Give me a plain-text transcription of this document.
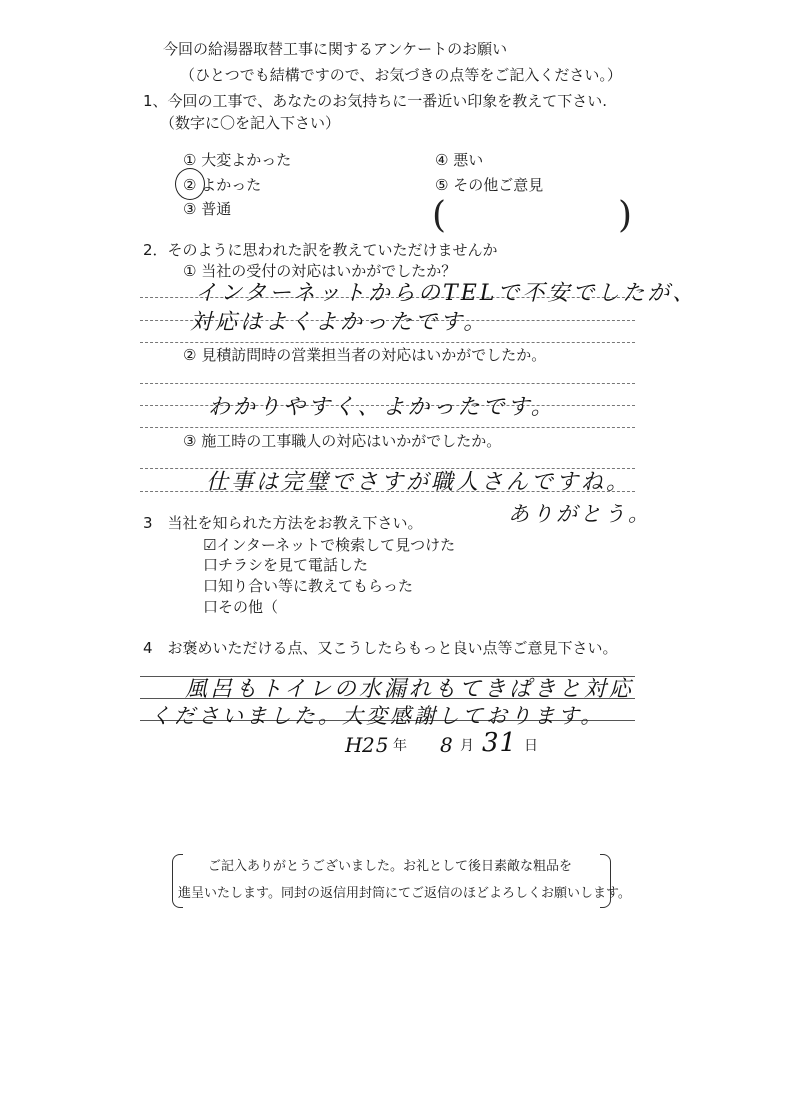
今回の給湯器取替工事に関するアンケートのお願い
（ひとつでも結構ですので、お気づきの点等をご記入ください。）
1、今回の工事で、あなたのお気持ちに一番近い印象を教えて下さい.
（数字に〇を記入下さい）
① 大変よかった
② よかった
③ 普通
④ 悪い
⑤ その他ご意見
(	)
2．そのように思われた訳を教えていただけませんか
① 当社の受付の対応はいかがでしたか？
インターネットからのTELで不安でしたが、
対応はよくよかったです。
② 見積訪問時の営業担当者の対応はいかがでしたか。
わかりやすく、よかったです。
③ 施工時の工事職人の対応はいかがでしたか。
仕事は完璧でさすが職人さんですね。
ありがとう。
3　当社を知られた方法をお教え下さい。
☑インターネットで検索して見つけた
口チラシを見て電話した
口知り合い等に教えてもらった
口その他（
4　お褒めいただける点、又こうしたらもっと良い点等ご意見下さい。
風呂もトイレの水漏れもてきぱきと対応
くださいました。大変感謝しております。
H
25 年 8 月 31 日
ご記入ありがとうございました。お礼として後日素敵な粗品を
進呈いたします。同封の返信用封筒にてご返信のほどよろしくお願いします。
